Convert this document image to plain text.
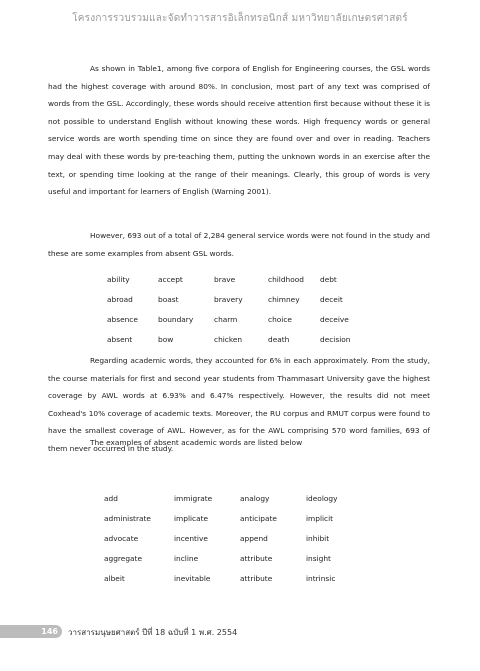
โครงการรวบรวมและจัดทำวารสารอิเล็กทรอนิกส์ มหาวิทยาลัยเกษตรศาสตร์

As shown in Table1, among five corpora of English for Engineering courses, the GSL words had the highest coverage with around 80%. In conclusion, most part of any text was comprised of words from the GSL. Accordingly, these words should receive attention first because without these it is not possible to understand English without knowing these words. High frequency words or general service words are worth spending time on since they are found over and over in reading. Teachers may deal with these words by pre-teaching them, putting the unknown words in an exercise after the text, or spending time looking at the range of their meanings. Clearly, this group of words is very useful and important for learners of English (Warning 2001).

However, 693 out of a total of 2,284 general service words were not found in the study and these are some examples from absent GSL words.

ability	accept	brave	childhood	debt
abroad	boast	bravery	chimney	deceit
absence	boundary	charm	choice	deceive
absent	bow	chicken	death	decision

Regarding academic words, they accounted for 6% in each approximately. From the study, the course materials for first and second year students from Thammasart University gave the highest coverage by AWL words at 6.93% and 6.47% respectively. However, the results did not meet Coxhead's 10% coverage of academic texts. Moreover, the RU corpus and RMUT corpus were found to have the smallest coverage of AWL. However, as for the AWL comprising 570 word families, 693 of them never occurred in the study.

The examples of absent academic words are listed below

add	immigrate	analogy	ideology
administrate	implicate	anticipate	implicit
advocate	incentive	append	inhibit
aggregate	incline	attribute	insight
albeit	inevitable	attribute	intrinsic
146	วารสารมนุษยศาสตร์ ปีที่ 18 ฉบับที่ 1 พ.ศ. 2554
